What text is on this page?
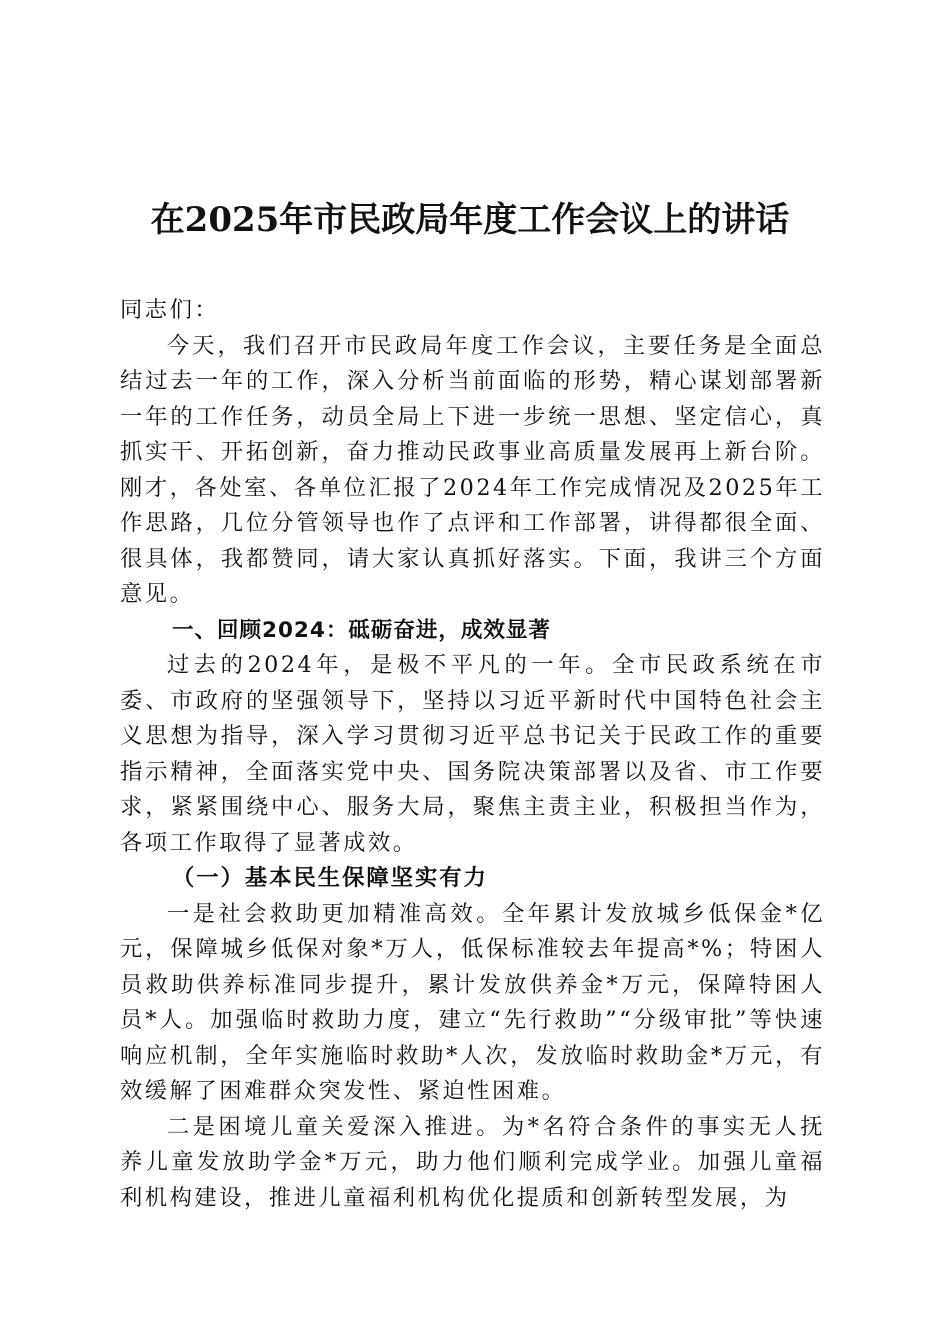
在2025年市民政局年度工作会议上的讲话

同志们：

今天，我们召开市民政局年度工作会议，主要任务是全面总结过去一年的工作，深入分析当前面临的形势，精心谋划部署新一年的工作任务，动员全局上下进一步统一思想、坚定信心，真抓实干、开拓创新，奋力推动民政事业高质量发展再上新台阶。刚才，各处室、各单位汇报了2024年工作完成情况及2025年工作思路，几位分管领导也作了点评和工作部署，讲得都很全面、很具体，我都赞同，请大家认真抓好落实。下面，我讲三个方面意见。

一、回顾2024：砥砺奋进，成效显著

过去的2024年，是极不平凡的一年。全市民政系统在市委、市政府的坚强领导下，坚持以习近平新时代中国特色社会主义思想为指导，深入学习贯彻习近平总书记关于民政工作的重要指示精神，全面落实党中央、国务院决策部署以及省、市工作要求，紧紧围绕中心、服务大局，聚焦主责主业，积极担当作为，各项工作取得了显著成效。

（一）基本民生保障坚实有力

一是社会救助更加精准高效。全年累计发放城乡低保金*亿元，保障城乡低保对象*万人，低保标准较去年提高*%；特困人员救助供养标准同步提升，累计发放供养金*万元，保障特困人员*人。加强临时救助力度，建立“先行救助”“分级审批”等快速响应机制，全年实施临时救助*人次，发放临时救助金*万元，有效缓解了困难群众突发性、紧迫性困难。

二是困境儿童关爱深入推进。为*名符合条件的事实无人抚养儿童发放助学金*万元，助力他们顺利完成学业。加强儿童福利机构建设，推进儿童福利机构优化提质和创新转型发展，为
